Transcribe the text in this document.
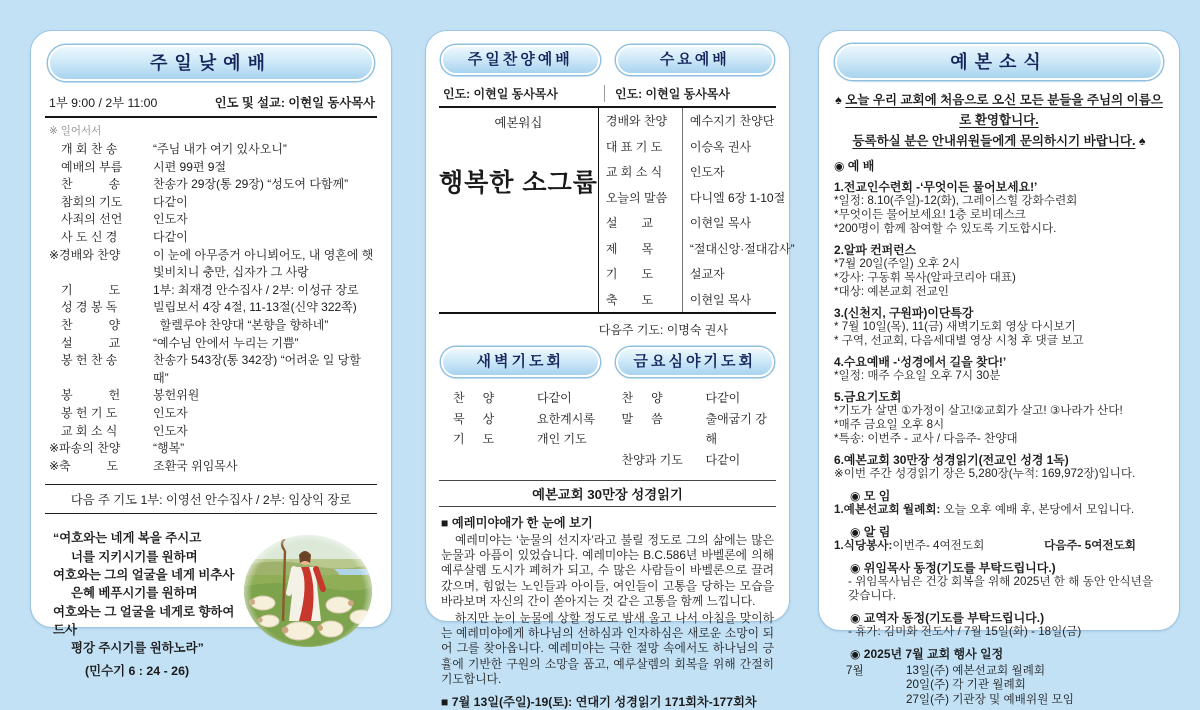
주일낮예배
1부 9:00 / 2부 11:00	인도 및 설교: 이현일 동사목사
※ 일어서서
개 회 찬 송	“주님 내가 여기 있사오니”
예배의 부름	시편 99편 9절
찬   송	찬송가 29장(통 29장) “성도여 다함께”
참회의 기도	다같이
사죄의 선언	인도자
사 도 신 경	다같이
※경배와 찬양	이 눈에 아무증거 아니뵈어도, 내 영혼에 햇빛비치니 충만, 십자가 그 사랑
기   도	1부: 최재경 안수집사 / 2부: 이성규 장로
성 경 봉 독	빌립보서 4장 4절, 11-13절(신약 322쪽)
찬   양	할렐루야 찬양대 “본향을 향하네”
설   교	“예수님 안에서 누리는 기쁨”
봉 헌 찬 송	찬송가 543장(통 342장) “어려운 일 당할 때”
봉   헌	봉헌위원
봉 헌 기 도	인도자
교 회 소 식	인도자
※파송의 찬양	“행복”
※축   도	조환국 위임목사
다음 주 기도 1부: 이영선 안수집사 / 2부: 임상익 장로
“여호와는 네게 복을 주시고
너를 지키시기를 원하며
여호와는 그의 얼굴을 네게 비추사
은혜 베푸시기를 원하며
여호와는 그 얼굴을 네게로 향하여 드사
평강 주시기를 원하노라”
(민수기 6 : 24 - 26)
주일찬양예배	수요예배
인도: 이현일 동사목사	인도: 이현일 동사목사
예본워십
행복한 소그룹
경배와 찬양	예수지기 찬양단
대 표 기 도	이승옥 권사
교 회 소 식	인도자
오늘의 말씀	다니엘 6장 1-10절
설  교	이현일 목사
제  목	“절대신앙·절대감사”
기  도	설교자
축  도	이현일 목사
다음주 기도: 이명숙 권사
새벽기도회	금요심야기도회
찬  양	다같이
묵  상	요한계시록
기  도	개인 기도
찬  양	다같이
말  씀	출애굽기 강해
찬양과 기도	다같이
예본교회 30만장 성경읽기
■ 예레미야애가 한 눈에 보기
예레미야는 ‘눈물의 선지자’라고 불릴 정도로 그의 삶에는 많은 눈물과 아픔이 있었습니다. 예레미야는 B.C.586년 바벨론에 의해 예루살렘 도시가 폐허가 되고, 수 많은 사람들이 바벨론으로 끌려갔으며, 힘없는 노인들과 아이들, 여인들이 고통을 당하는 모습을 바라보며 자신의 간이 쏟아지는 것 같은 고통을 함께 느낍니다.
하지만 눈이 눈물에 상할 정도로 밤새 울고 나서 아침을 맞이하는 예레미야에게 하나님의 선하심과 인자하심은 새로운 소망이 되어 그를 찾아옵니다. 예레미야는 극한 절망 속에서도 하나님의 긍휼에 기반한 구원의 소망을 품고, 예루살렘의 회복을 위해 간절히 기도합니다.
■ 7월 13일(주일)-19(토): 연대기 성경읽기 171회차-177회차
예본소식
♠ 오늘 우리 교회에 처음으로 오신 모든 분들을 주님의 이름으로 환영합니다.
등록하실 분은 안내위원들에게 문의하시기 바랍니다. ♠
◉ 예 배
1.전교인수련회 -‘무엇이든 물어보세요!’
*일정: 8.10(주일)-12(화), 그레이스힐 강화수련회
*무엇이든 물어보세요! 1층 로비데스크
*200명이 함께 참여할 수 있도록 기도합시다.
2.알파 컨퍼런스
*7월 20일(주일) 오후 2시
*강사: 구동휘 목사(알파코리아 대표)
*대상: 예본교회 전교인
3.(신천지, 구원파)이단특강
* 7월 10일(목), 11(금) 새벽기도회 영상 다시보기
* 구역, 선교회, 다음세대별 영상 시청 후 댓글 보고
4.수요예배 -‘성경에서 길을 찾다!’
*일정: 매주 수요일 오후 7시 30분
5.금요기도회
*기도가 살면 ①가정이 살고!②교회가 살고! ③나라가 산다!
*매주 금요일 오후 8시
*특송: 이번주 - 교사 / 다음주- 찬양대
6.예본교회 30만장 성경읽기(전교인 성경 1독)
※이번 주간 성경읽기 장은 5,280장(누적: 169,972장)입니다.
◉ 모 임
1.예본선교회 월례회: 오늘 오후 예배 후, 본당에서 모입니다.
◉ 알 림
1.식당봉사: 이번주- 4여전도회	다음주- 5여전도회
◉ 위임목사 동정(기도를 부탁드립니다.)
- 위임목사님은 건강 회복을 위해 2025년 한 해 동안 안식년을 갖습니다.
◉ 교역자 동정(기도를 부탁드립니다.)
- 휴가: 김미화 전도사 / 7월 15일(화) - 18일(금)
◉ 2025년 7월 교회 행사 일정
7월	13일(주) 예본선교회 월례회
20일(주) 각 기관 월례회
27일(주) 기관장 및 예배위원 모임
